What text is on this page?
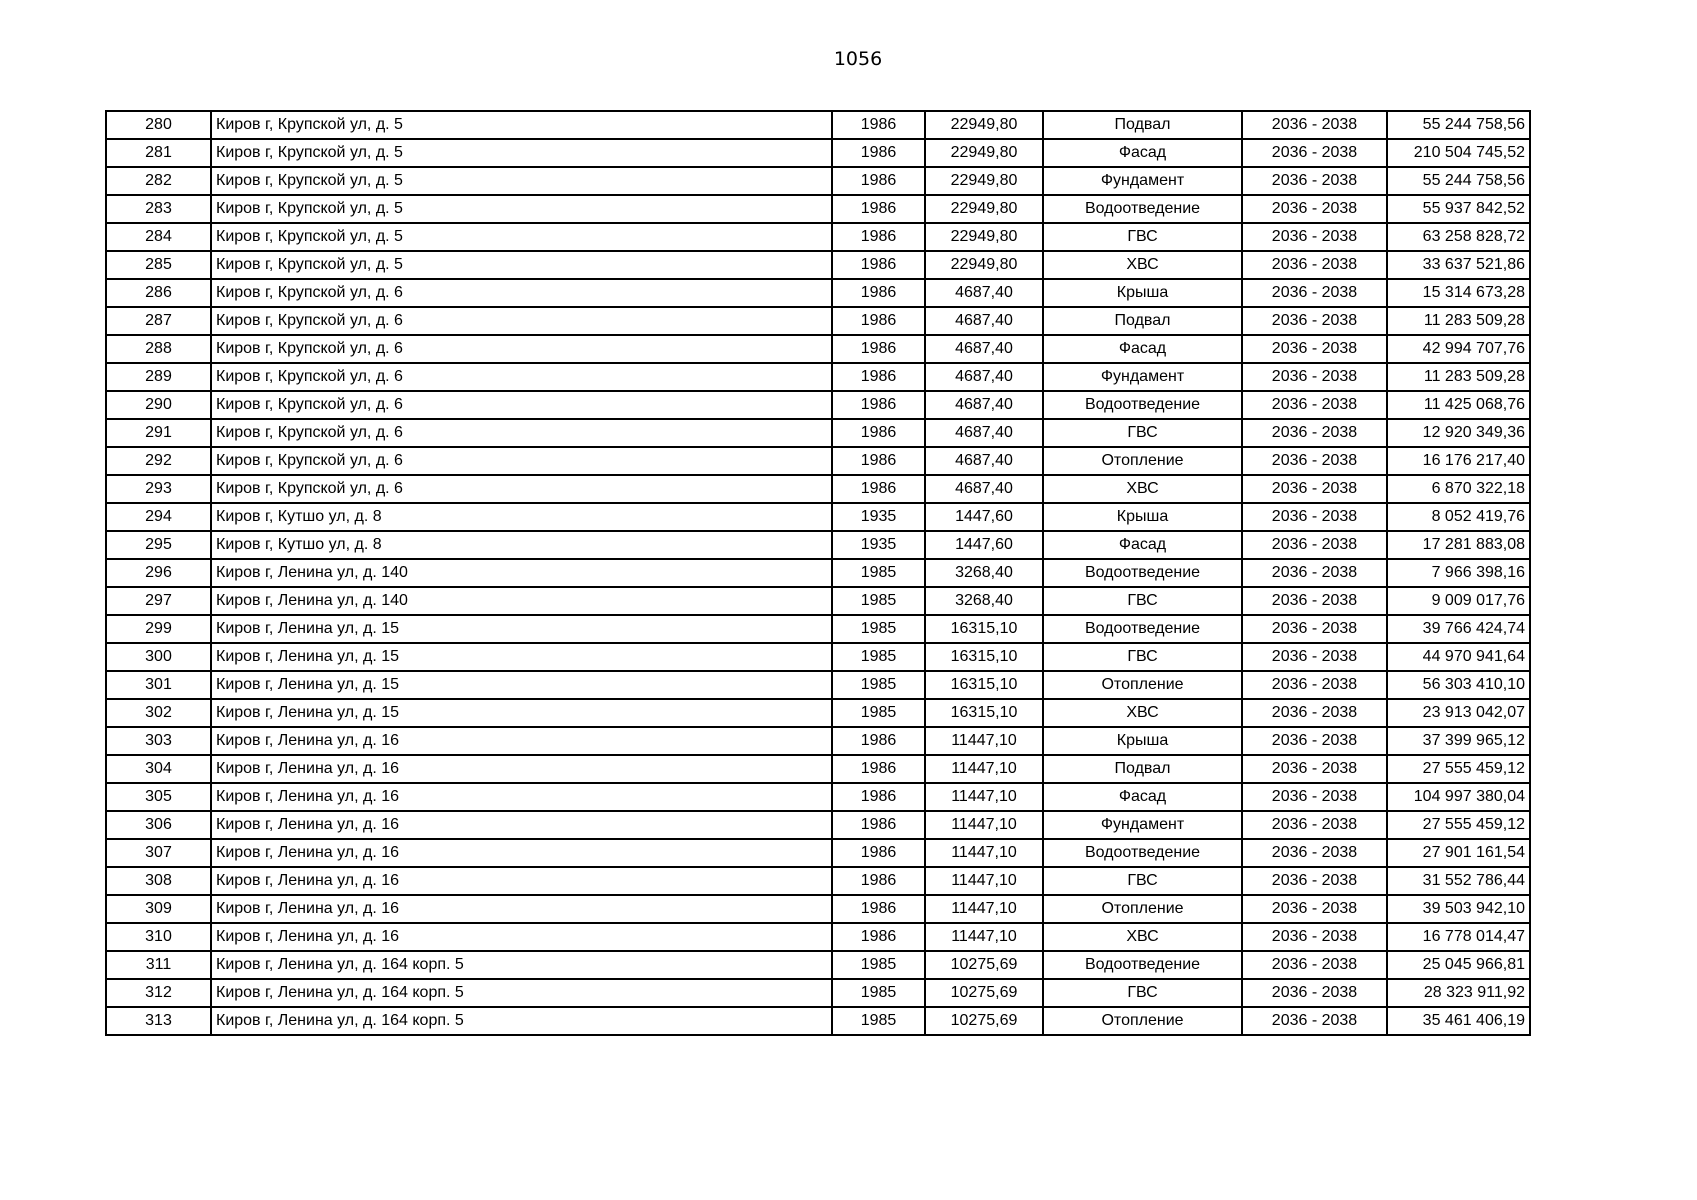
1056
280	Киров г, Крупской ул, д. 5	1986	22949,80	Подвал	2036 - 2038	55 244 758,56
281	Киров г, Крупской ул, д. 5	1986	22949,80	Фасад	2036 - 2038	210 504 745,52
282	Киров г, Крупской ул, д. 5	1986	22949,80	Фундамент	2036 - 2038	55 244 758,56
283	Киров г, Крупской ул, д. 5	1986	22949,80	Водоотведение	2036 - 2038	55 937 842,52
284	Киров г, Крупской ул, д. 5	1986	22949,80	ГВС	2036 - 2038	63 258 828,72
285	Киров г, Крупской ул, д. 5	1986	22949,80	ХВС	2036 - 2038	33 637 521,86
286	Киров г, Крупской ул, д. 6	1986	4687,40	Крыша	2036 - 2038	15 314 673,28
287	Киров г, Крупской ул, д. 6	1986	4687,40	Подвал	2036 - 2038	11 283 509,28
288	Киров г, Крупской ул, д. 6	1986	4687,40	Фасад	2036 - 2038	42 994 707,76
289	Киров г, Крупской ул, д. 6	1986	4687,40	Фундамент	2036 - 2038	11 283 509,28
290	Киров г, Крупской ул, д. 6	1986	4687,40	Водоотведение	2036 - 2038	11 425 068,76
291	Киров г, Крупской ул, д. 6	1986	4687,40	ГВС	2036 - 2038	12 920 349,36
292	Киров г, Крупской ул, д. 6	1986	4687,40	Отопление	2036 - 2038	16 176 217,40
293	Киров г, Крупской ул, д. 6	1986	4687,40	ХВС	2036 - 2038	6 870 322,18
294	Киров г, Кутшо ул, д. 8	1935	1447,60	Крыша	2036 - 2038	8 052 419,76
295	Киров г, Кутшо ул, д. 8	1935	1447,60	Фасад	2036 - 2038	17 281 883,08
296	Киров г, Ленина ул, д. 140	1985	3268,40	Водоотведение	2036 - 2038	7 966 398,16
297	Киров г, Ленина ул, д. 140	1985	3268,40	ГВС	2036 - 2038	9 009 017,76
299	Киров г, Ленина ул, д. 15	1985	16315,10	Водоотведение	2036 - 2038	39 766 424,74
300	Киров г, Ленина ул, д. 15	1985	16315,10	ГВС	2036 - 2038	44 970 941,64
301	Киров г, Ленина ул, д. 15	1985	16315,10	Отопление	2036 - 2038	56 303 410,10
302	Киров г, Ленина ул, д. 15	1985	16315,10	ХВС	2036 - 2038	23 913 042,07
303	Киров г, Ленина ул, д. 16	1986	11447,10	Крыша	2036 - 2038	37 399 965,12
304	Киров г, Ленина ул, д. 16	1986	11447,10	Подвал	2036 - 2038	27 555 459,12
305	Киров г, Ленина ул, д. 16	1986	11447,10	Фасад	2036 - 2038	104 997 380,04
306	Киров г, Ленина ул, д. 16	1986	11447,10	Фундамент	2036 - 2038	27 555 459,12
307	Киров г, Ленина ул, д. 16	1986	11447,10	Водоотведение	2036 - 2038	27 901 161,54
308	Киров г, Ленина ул, д. 16	1986	11447,10	ГВС	2036 - 2038	31 552 786,44
309	Киров г, Ленина ул, д. 16	1986	11447,10	Отопление	2036 - 2038	39 503 942,10
310	Киров г, Ленина ул, д. 16	1986	11447,10	ХВС	2036 - 2038	16 778 014,47
311	Киров г, Ленина ул, д. 164 корп. 5	1985	10275,69	Водоотведение	2036 - 2038	25 045 966,81
312	Киров г, Ленина ул, д. 164 корп. 5	1985	10275,69	ГВС	2036 - 2038	28 323 911,92
313	Киров г, Ленина ул, д. 164 корп. 5	1985	10275,69	Отопление	2036 - 2038	35 461 406,19
